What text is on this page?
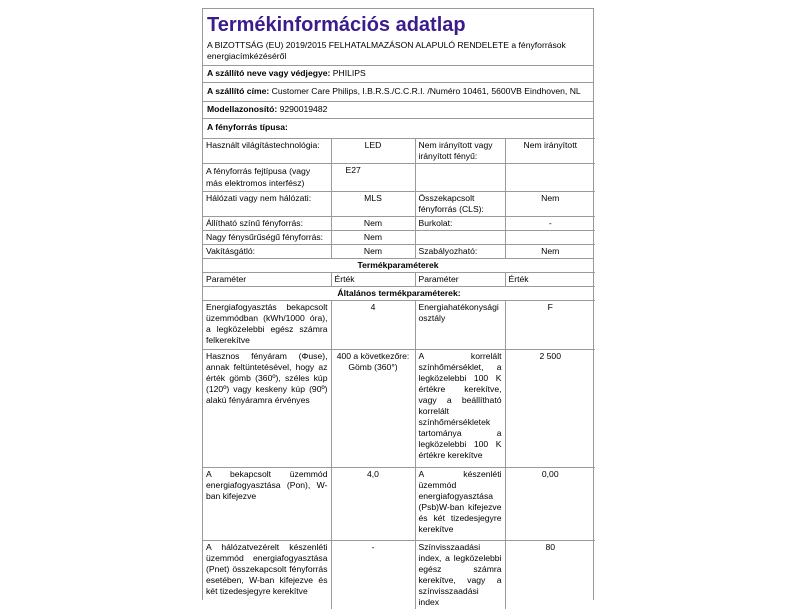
Termékinformációs adatlap
A BIZOTTSÁG (EU) 2019/2015 FELHATALMAZÁSON ALAPULÓ RENDELETE a fényforrások energiacímkézéséről
A szállító neve vagy védjegye: PHILIPS
A szállító címe: Customer Care Philips, I.B.R.S./C.C.R.I. /Numéro 10461, 5600VB Eindhoven, NL
Modellazonosító: 9290019482
A fényforrás típusa:
Használt világítástechnológia:	LED	Nem irányított vagy irányított fényű:	Nem irányított
A fényforrás fejtípusa (vagy más elektromos interfész)	E27		
Hálózati vagy nem hálózati:	MLS	Összekapcsolt fényforrás (CLS):	Nem
Állítható színű fényforrás:	Nem	Burkolat:	-
Nagy fénysűrűségű fényforrás:	Nem		
Vakításgátló:	Nem	Szabályozható:	Nem
Termékparaméterek
Paraméter	Érték	Paraméter	Érték
Általános termékparaméterek:			
Energiafogyasztás bekapcsolt üzemmódban (kWh/1000 óra), a legközelebbi egész számra felkerekítve	4	Energiahatékonysági osztály	F
Hasznos fényáram (Φuse), annak feltüntetésével, hogy az érték gömb (360º), széles kúp (120º) vagy keskeny kúp (90º) alakú fényáramra érvényes	400 a következőre: Gömb (360°)	A korrelált színhőmérséklet, a legközelebbi 100 K értékre kerekítve, vagy a beállítható korrelált színhőmérsékletek tartománya a legközelebbi 100 K értékre kerekítve	2 500
A bekapcsolt üzemmód energiafogyasztása (Pon), W-ban kifejezve	4,0	A készenléti üzemmód energiafogyasztása (Psb)W-ban kifejezve és két tizedesjegyre kerekítve	0,00
A hálózatvezérelt készenléti üzemmód energiafogyasztása (Pnet) összekapcsolt fényforrás esetében, W-ban kifejezve és két tizedesjegyre kerekítve	-	Színvisszaadási index, a legközelebbi egész számra kerekítve, vagy a színvisszaadási index	80
